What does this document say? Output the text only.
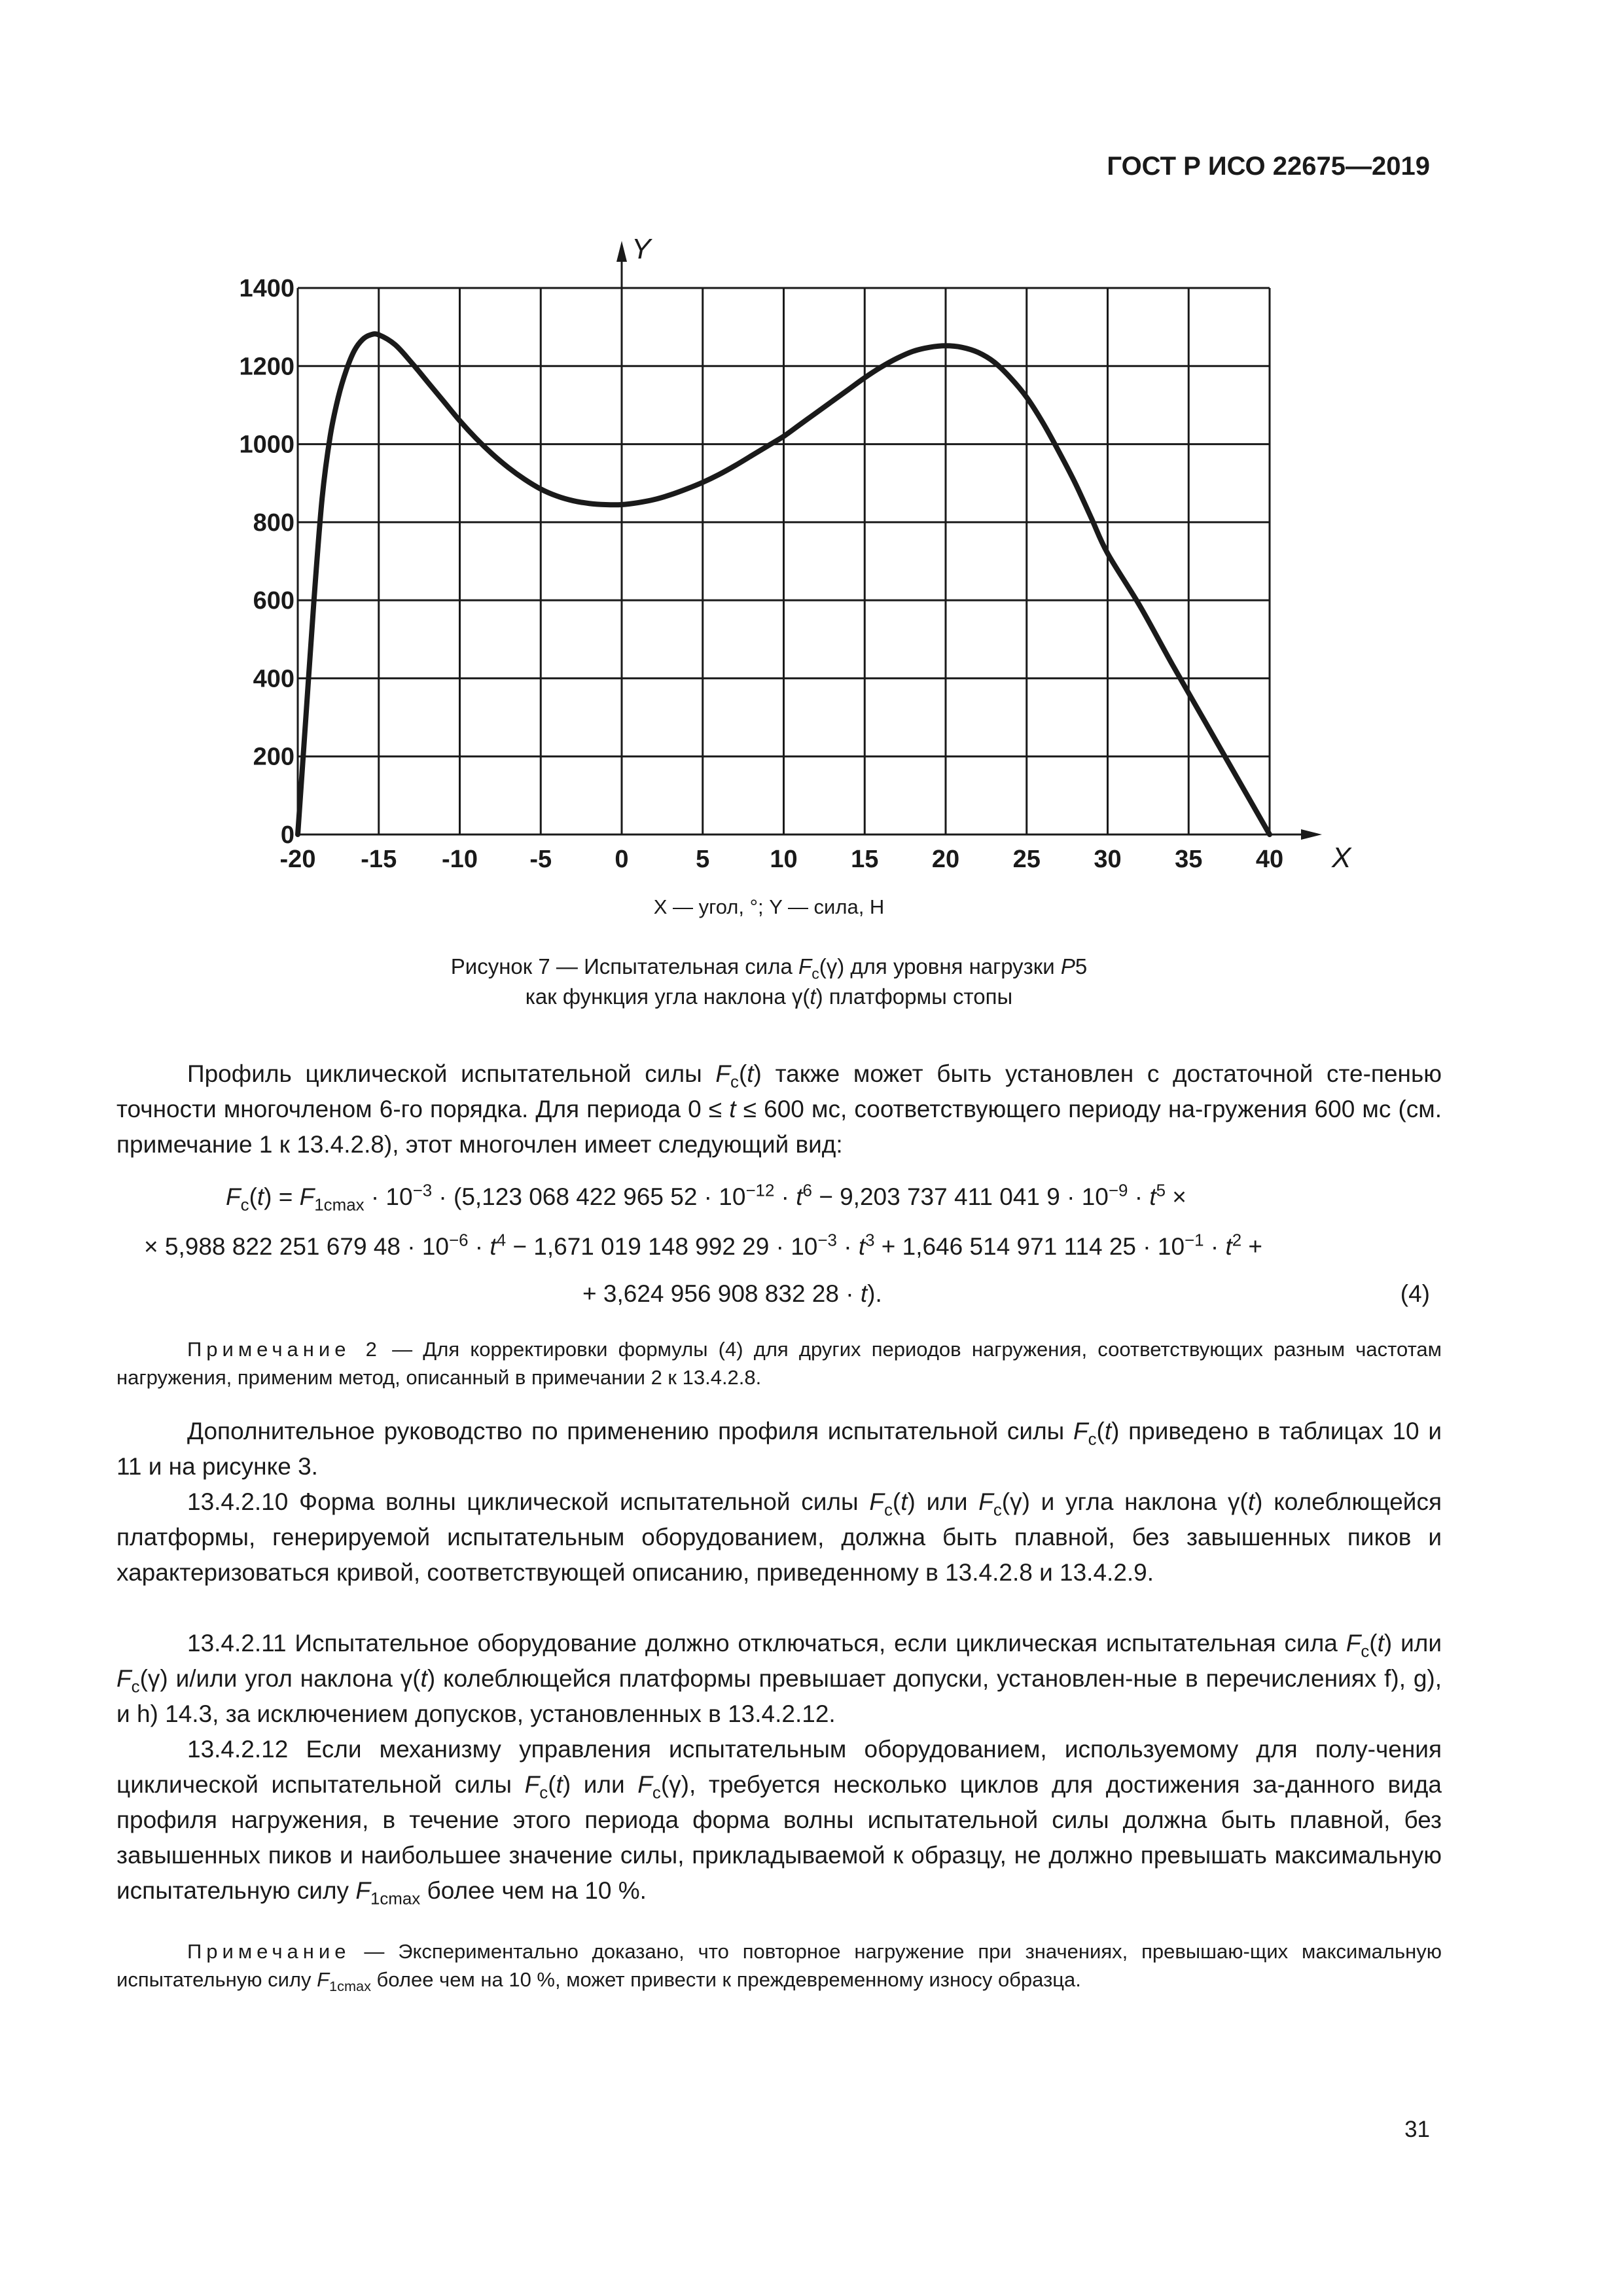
ГОСТ Р ИСО 22675—2019
-20 -15 -10 -5	0	5 10 15 20 25 30 35 40
0
200
400
600
800
1000
1200
1400
X
Y
X — угол, °; Y — сила, Н
Рисунок 7 — Испытательная сила $F_c(\gamma)$ для уровня нагрузки P5
как функция угла наклона γ(t) платформы стопы
Профиль циклической испытательной силы $F_c(t)$ также может быть установлен с достаточной сте-пенью точности многочленом 6-го порядка. Для периода 0 ≤ t ≤ 600 мс, соответствующего периоду на-гружения 600 мс (см. примечание 1 к 13.4.2.8), этот многочлен имеет следующий вид:
$F_c(t) = F_{1cmax} \cdot 10^{-3} \cdot (5,123$ 068 422 965 $52 \cdot 10^{-12} \cdot t^6 - 9,203$ 737 411 041 $9 \cdot 10^{-9} \cdot t^5$ ×
× 5,988 822 251 679 $48 \cdot 10^{-6} \cdot t^4 - 1,671$ 019 148 992 $29 \cdot 10^{-3} \cdot t^3 + 1,646$ 514 971 114 $25 \cdot 10^{-1} \cdot t^2$ +
+ 3,624 956 908 832 28 · t).	(4)
Примечание 2 — Для корректировки формулы (4) для других периодов нагружения, соответствующих разным частотам нагружения, применим метод, описанный в примечании 2 к 13.4.2.8.
Дополнительное руководство по применению профиля испытательной силы $F_c(t)$ приведено в таблицах 10 и 11 и на рисунке 3.
13.4.2.10 Форма волны циклической испытательной силы $F_c(t)$ или $F_c(\gamma)$ и угла наклона γ(t) колеблющейся платформы, генерируемой испытательным оборудованием, должна быть плавной, без завышенных пиков и характеризоваться кривой, соответствующей описанию, приведенному в 13.4.2.8 и 13.4.2.9.
13.4.2.11 Испытательное оборудование должно отключаться, если циклическая испытательная сила $F_c(t)$ или $F_c(\gamma)$ и/или угол наклона γ(t) колеблющейся платформы превышает допуски, установлен-ные в перечислениях f), g), и h) 14.3, за исключением допусков, установленных в 13.4.2.12.
13.4.2.12 Если механизму управления испытательным оборудованием, используемому для полу-чения циклической испытательной силы $F_c(t)$ или $F_c(\gamma)$, требуется несколько циклов для достижения за-данного вида профиля нагружения, в течение этого периода форма волны испытательной силы должна быть плавной, без завышенных пиков и наибольшее значение силы, прикладываемой к образцу, не должно превышать максимальную испытательную силу $F_{1cmax}$ более чем на 10 %.
Примечание — Экспериментально доказано, что повторное нагружение при значениях, превышаю-щих максимальную испытательную силу $F_{1cmax}$ более чем на 10 %, может привести к преждевременному износу образца.
31
